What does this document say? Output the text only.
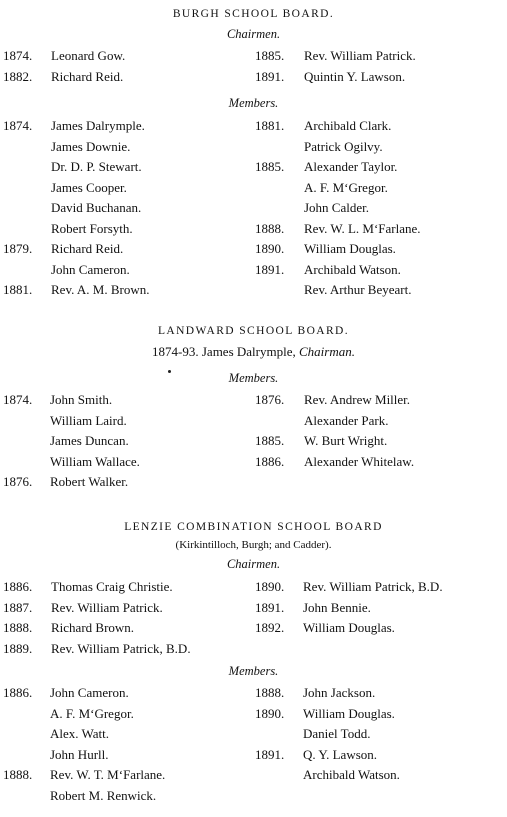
BURGH SCHOOL BOARD.
Chairmen.
1874. Leonard Gow.
1882. Richard Reid.
1885. Rev. William Patrick.
1891. Quintin Y. Lawson.
Members.
1874. James Dalrymple.
James Downie.
Dr. D. P. Stewart.
James Cooper.
David Buchanan.
Robert Forsyth.
1879. Richard Reid.
John Cameron.
1881. Rev. A. M. Brown.
1881. Archibald Clark.
Patrick Ogilvy.
1885. Alexander Taylor.
A. F. M‘Gregor.
John Calder.
1888. Rev. W. L. M‘Farlane.
1890. William Douglas.
1891. Archibald Watson.
Rev. Arthur Beyeart.
LANDWARD SCHOOL BOARD.
1874-93. James Dalrymple, Chairman.
Members.
1874. John Smith.
William Laird.
James Duncan.
William Wallace.
1876. Robert Walker.
1876. Rev. Andrew Miller.
Alexander Park.
1885. W. Burt Wright.
1886. Alexander Whitelaw.
LENZIE COMBINATION SCHOOL BOARD
(Kirkintilloch, Burgh; and Cadder).
Chairmen.
1886. Thomas Craig Christie.
1887. Rev. William Patrick.
1888. Richard Brown.
1889. Rev. William Patrick, B.D.
1890. Rev. William Patrick, B.D.
1891. John Bennie.
1892. William Douglas.
Members.
1886. John Cameron.
A. F. M‘Gregor.
Alex. Watt.
John Hurll.
1888. Rev. W. T. M‘Farlane.
Robert M. Renwick.
1888. John Jackson.
1890. William Douglas.
Daniel Todd.
1891. Q. Y. Lawson.
Archibald Watson.
